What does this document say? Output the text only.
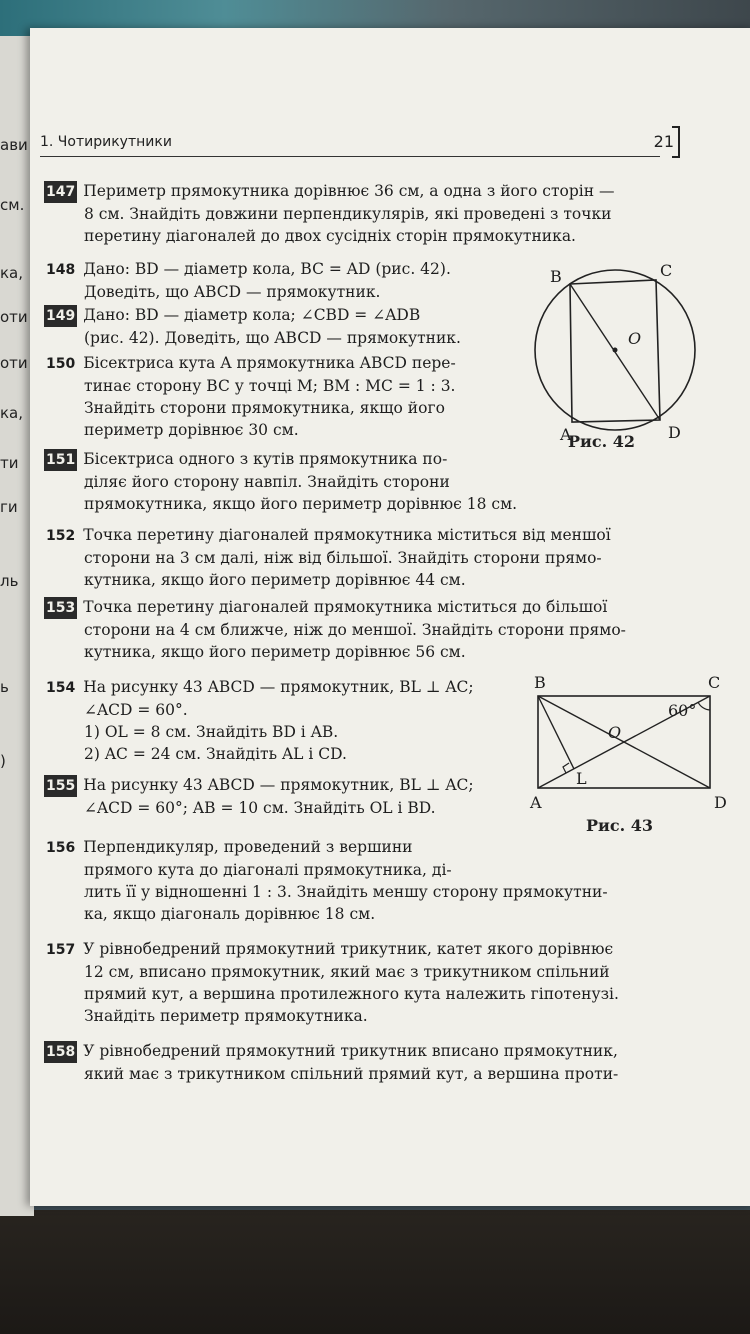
ави
см.
ка,
оти
оти
ка,
ти
ги
ль
ь
)
1. Чотирикутники	21
147 Периметр прямокутника дорівнює 36 см, а одна з його сторін —
8 см. Знайдіть довжини перпендикулярів, які проведені з точки
перетину діагоналей до двох сусідніх сторін прямокутника.
148 Дано: BD — діаметр кола, BC = AD (рис. 42).
Доведіть, що ABCD — прямокутник.
149 Дано: BD — діаметр кола; ∠CBD = ∠ADB
(рис. 42). Доведіть, що ABCD — прямокутник.
150 Бісектриса кута A прямокутника ABCD пере-
тинає сторону BC у точці M; BM : MC = 1 : 3.
Знайдіть сторони прямокутника, якщо його
периметр дорівнює 30 см.
151 Бісектриса одного з кутів прямокутника по-
діляє його сторону навпіл. Знайдіть сторони
прямокутника, якщо його периметр дорівнює 18 см.
152 Точка перетину діагоналей прямокутника міститься від меншої
сторони на 3 см далі, ніж від більшої. Знайдіть сторони прямо-
кутника, якщо його периметр дорівнює 44 см.
153 Точка перетину діагоналей прямокутника міститься до більшої
сторони на 4 см ближче, ніж до меншої. Знайдіть сторони прямо-
кутника, якщо його периметр дорівнює 56 см.
154 На рисунку 43 ABCD — прямокутник, BL ⊥ AC;
∠ACD = 60°.
1) OL = 8 см. Знайдіть BD і AB.
2) AC = 24 см. Знайдіть AL і CD.
155 На рисунку 43 ABCD — прямокутник, BL ⊥ AC;
∠ACD = 60°; AB = 10 см. Знайдіть OL і BD.
156 Перпендикуляр, проведений з вершини
прямого кута до діагоналі прямокутника, ді-
лить її у відношенні 1 : 3. Знайдіть меншу сторону прямокутни-
ка, якщо діагональ дорівнює 18 см.
157 У рівнобедрений прямокутний трикутник, катет якого дорівнює
12 см, вписано прямокутник, який має з трикутником спільний
прямий кут, а вершина протилежного кута належить гіпотенузі.
Знайдіть периметр прямокутника.
158 У рівнобедрений прямокутний трикутник вписано прямокутник,
який має з трикутником спільний прямий кут, а вершина проти-
B	C
O
A	D
Рис. 42
B	C
O
L
A	D
60°
Рис. 43
